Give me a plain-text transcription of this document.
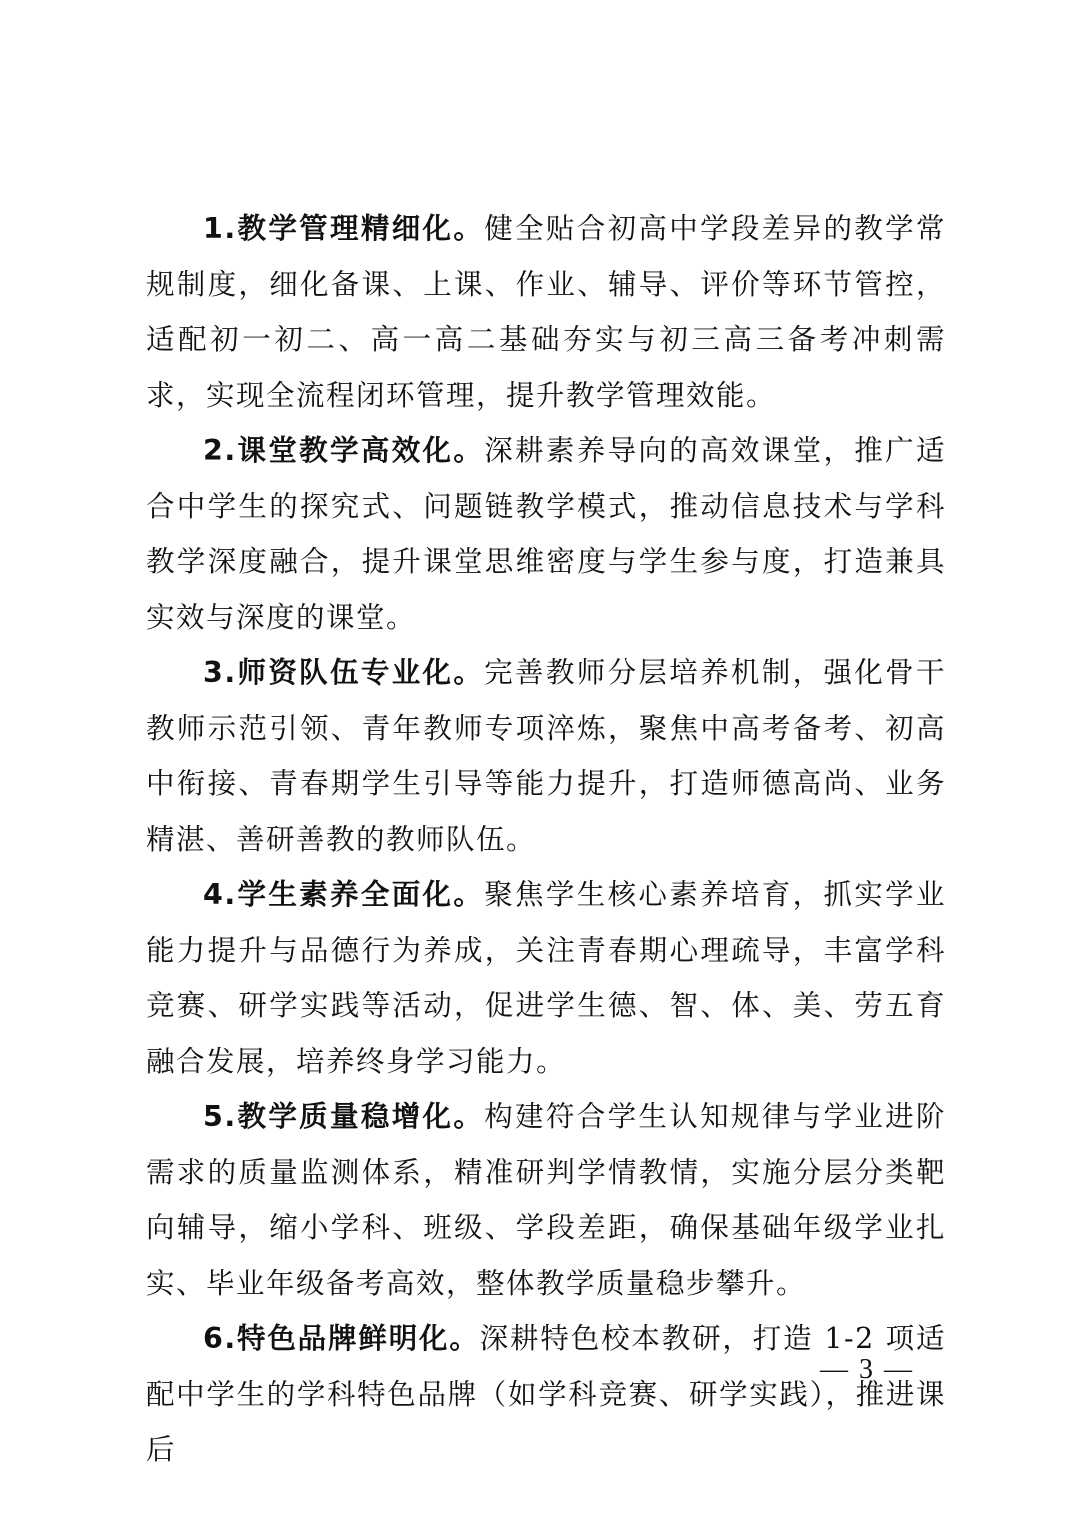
1.教学管理精细化。健全贴合初高中学段差异的教学常规制度，细化备课、上课、作业、辅导、评价等环节管控，适配初一初二、高一高二基础夯实与初三高三备考冲刺需求，实现全流程闭环管理，提升教学管理效能。

2.课堂教学高效化。深耕素养导向的高效课堂，推广适合中学生的探究式、问题链教学模式，推动信息技术与学科教学深度融合，提升课堂思维密度与学生参与度，打造兼具实效与深度的课堂。

3.师资队伍专业化。完善教师分层培养机制，强化骨干教师示范引领、青年教师专项淬炼，聚焦中高考备考、初高中衔接、青春期学生引导等能力提升，打造师德高尚、业务精湛、善研善教的教师队伍。

4.学生素养全面化。聚焦学生核心素养培育，抓实学业能力提升与品德行为养成，关注青春期心理疏导，丰富学科竞赛、研学实践等活动，促进学生德、智、体、美、劳五育融合发展，培养终身学习能力。

5.教学质量稳增化。构建符合学生认知规律与学业进阶需求的质量监测体系，精准研判学情教情，实施分层分类靶向辅导，缩小学科、班级、学段差距，确保基础年级学业扎实、毕业年级备考高效，整体教学质量稳步攀升。

6.特色品牌鲜明化。深耕特色校本教研，打造 1-2 项适配中学生的学科特色品牌（如学科竞赛、研学实践），推进课后

— 3 —
